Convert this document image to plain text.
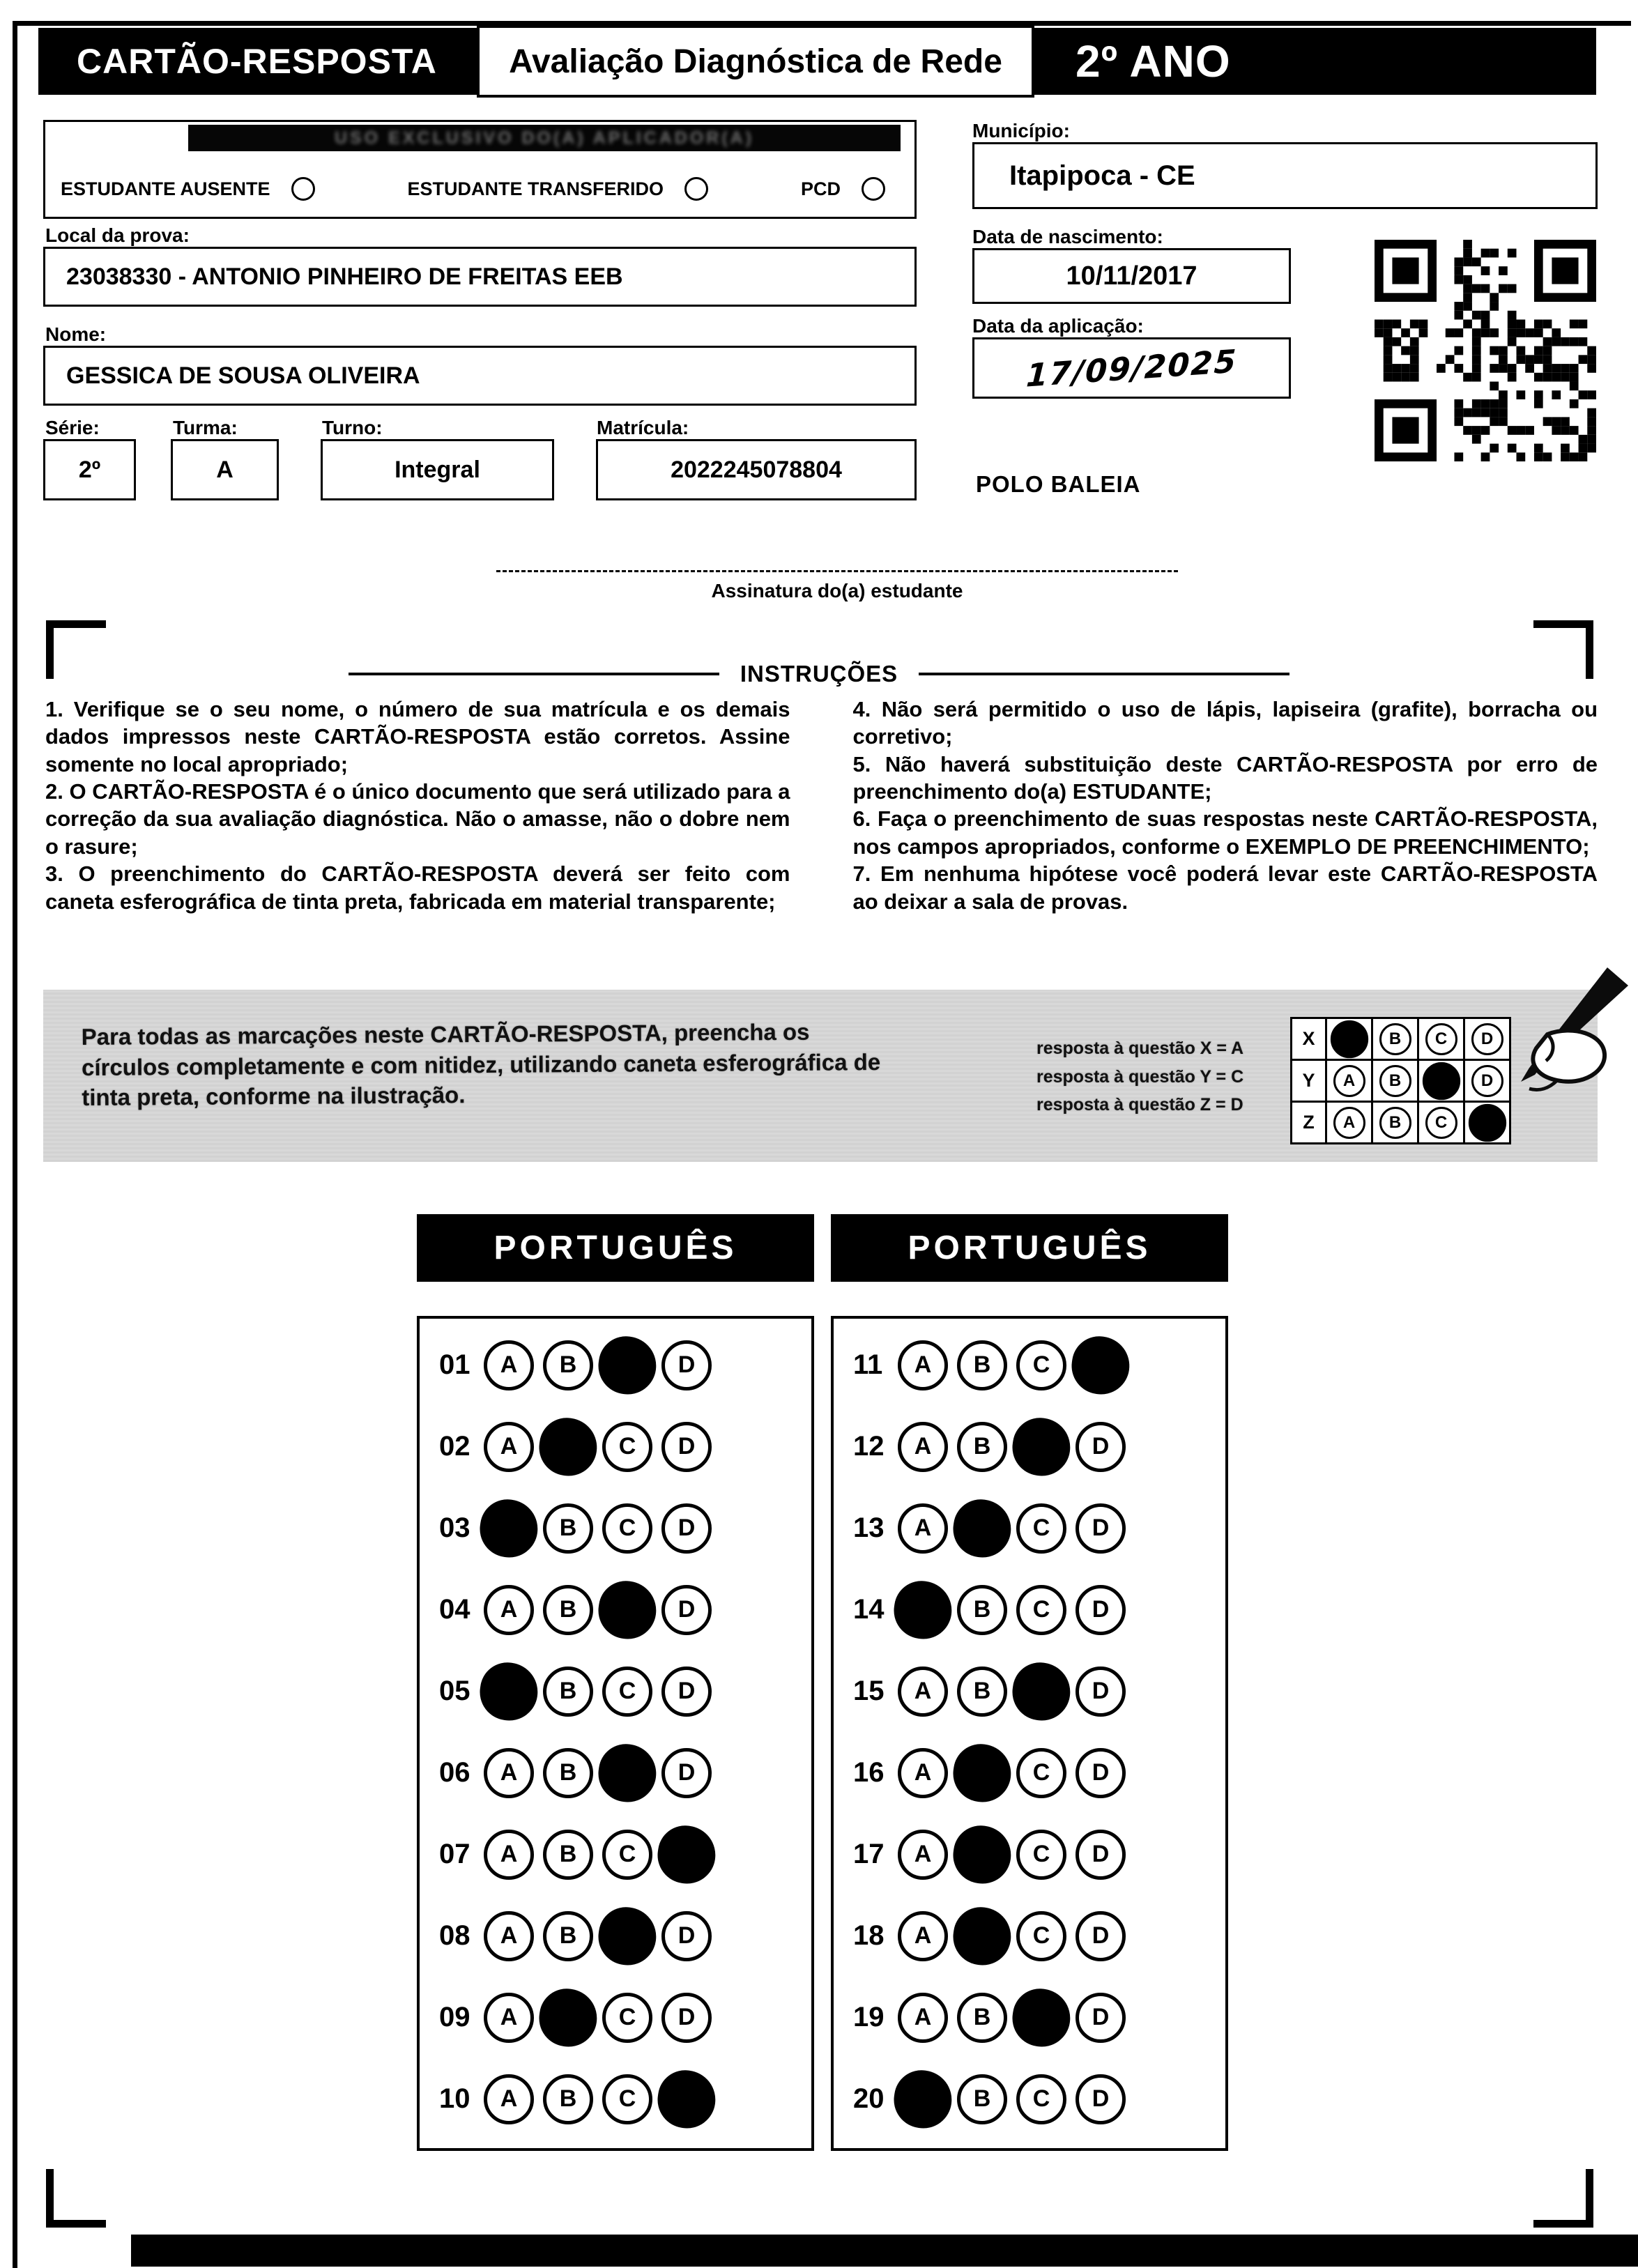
CARTÃO-RESPOSTA	Avaliação Diagnóstica de Rede	2º ANO
USO EXCLUSIVO DO(A) APLICADOR(A)
ESTUDANTE AUSENTE	ESTUDANTE TRANSFERIDO	PCD
Local da prova:
23038330 - ANTONIO PINHEIRO DE FREITAS EEB
Nome:
GESSICA DE SOUSA OLIVEIRA
Série:	Turma:	Turno:	Matrícula:
2º	A	Integral	2022245078804
Município:
Itapipoca - CE
Data de nascimento:
10/11/2017
Data da aplicação:
17/09/2025
POLO BALEIA
Assinatura do(a) estudante
INSTRUÇÕES

1. Verifique se o seu nome, o número de sua matrícula e os demais dados impressos neste CARTÃO-RESPOSTA estão corretos. Assine somente no local apropriado;

2. O CARTÃO-RESPOSTA é o único documento que será utilizado para a correção da sua avaliação diagnóstica. Não o amasse, não o dobre nem o rasure;

3. O preenchimento do CARTÃO-RESPOSTA deverá ser feito com caneta esferográfica de tinta preta, fabricada em material transparente;

4. Não será permitido o uso de lápis, lapiseira (grafite), borracha ou corretivo;

5. Não haverá substituição deste CARTÃO-RESPOSTA por erro de preenchimento do(a) ESTUDANTE;

6. Faça o preenchimento de suas respostas neste CARTÃO-RESPOSTA, nos campos apropriados, conforme o EXEMPLO DE PREENCHIMENTO;

7. Em nenhuma hipótese você poderá levar este CARTÃO-RESPOSTA ao deixar a sala de provas.

Para todas as marcações neste CARTÃO-RESPOSTA, preencha os círculos completamente e com nitidez, utilizando caneta esferográfica de tinta preta, conforme na ilustração.
resposta à questão X = A
resposta à questão Y = C
resposta à questão Z = D
X	A	B	C	D
Y	A	B	C	D
Z	A	B	C	D
PORTUGUÊS	PORTUGUÊS
01	A	B	C	D
02	A	B	C	D
03	A	B	C	D
04	A	B	C	D
05	A	B	C	D
06	A	B	C	D
07	A	B	C	D
08	A	B	C	D
09	A	B	C	D
10	A	B	C	D
11	A	B	C	D
12	A	B	C	D
13	A	B	C	D
14	A	B	C	D
15	A	B	C	D
16	A	B	C	D
17	A	B	C	D
18	A	B	C	D
19	A	B	C	D
20	A	B	C	D
